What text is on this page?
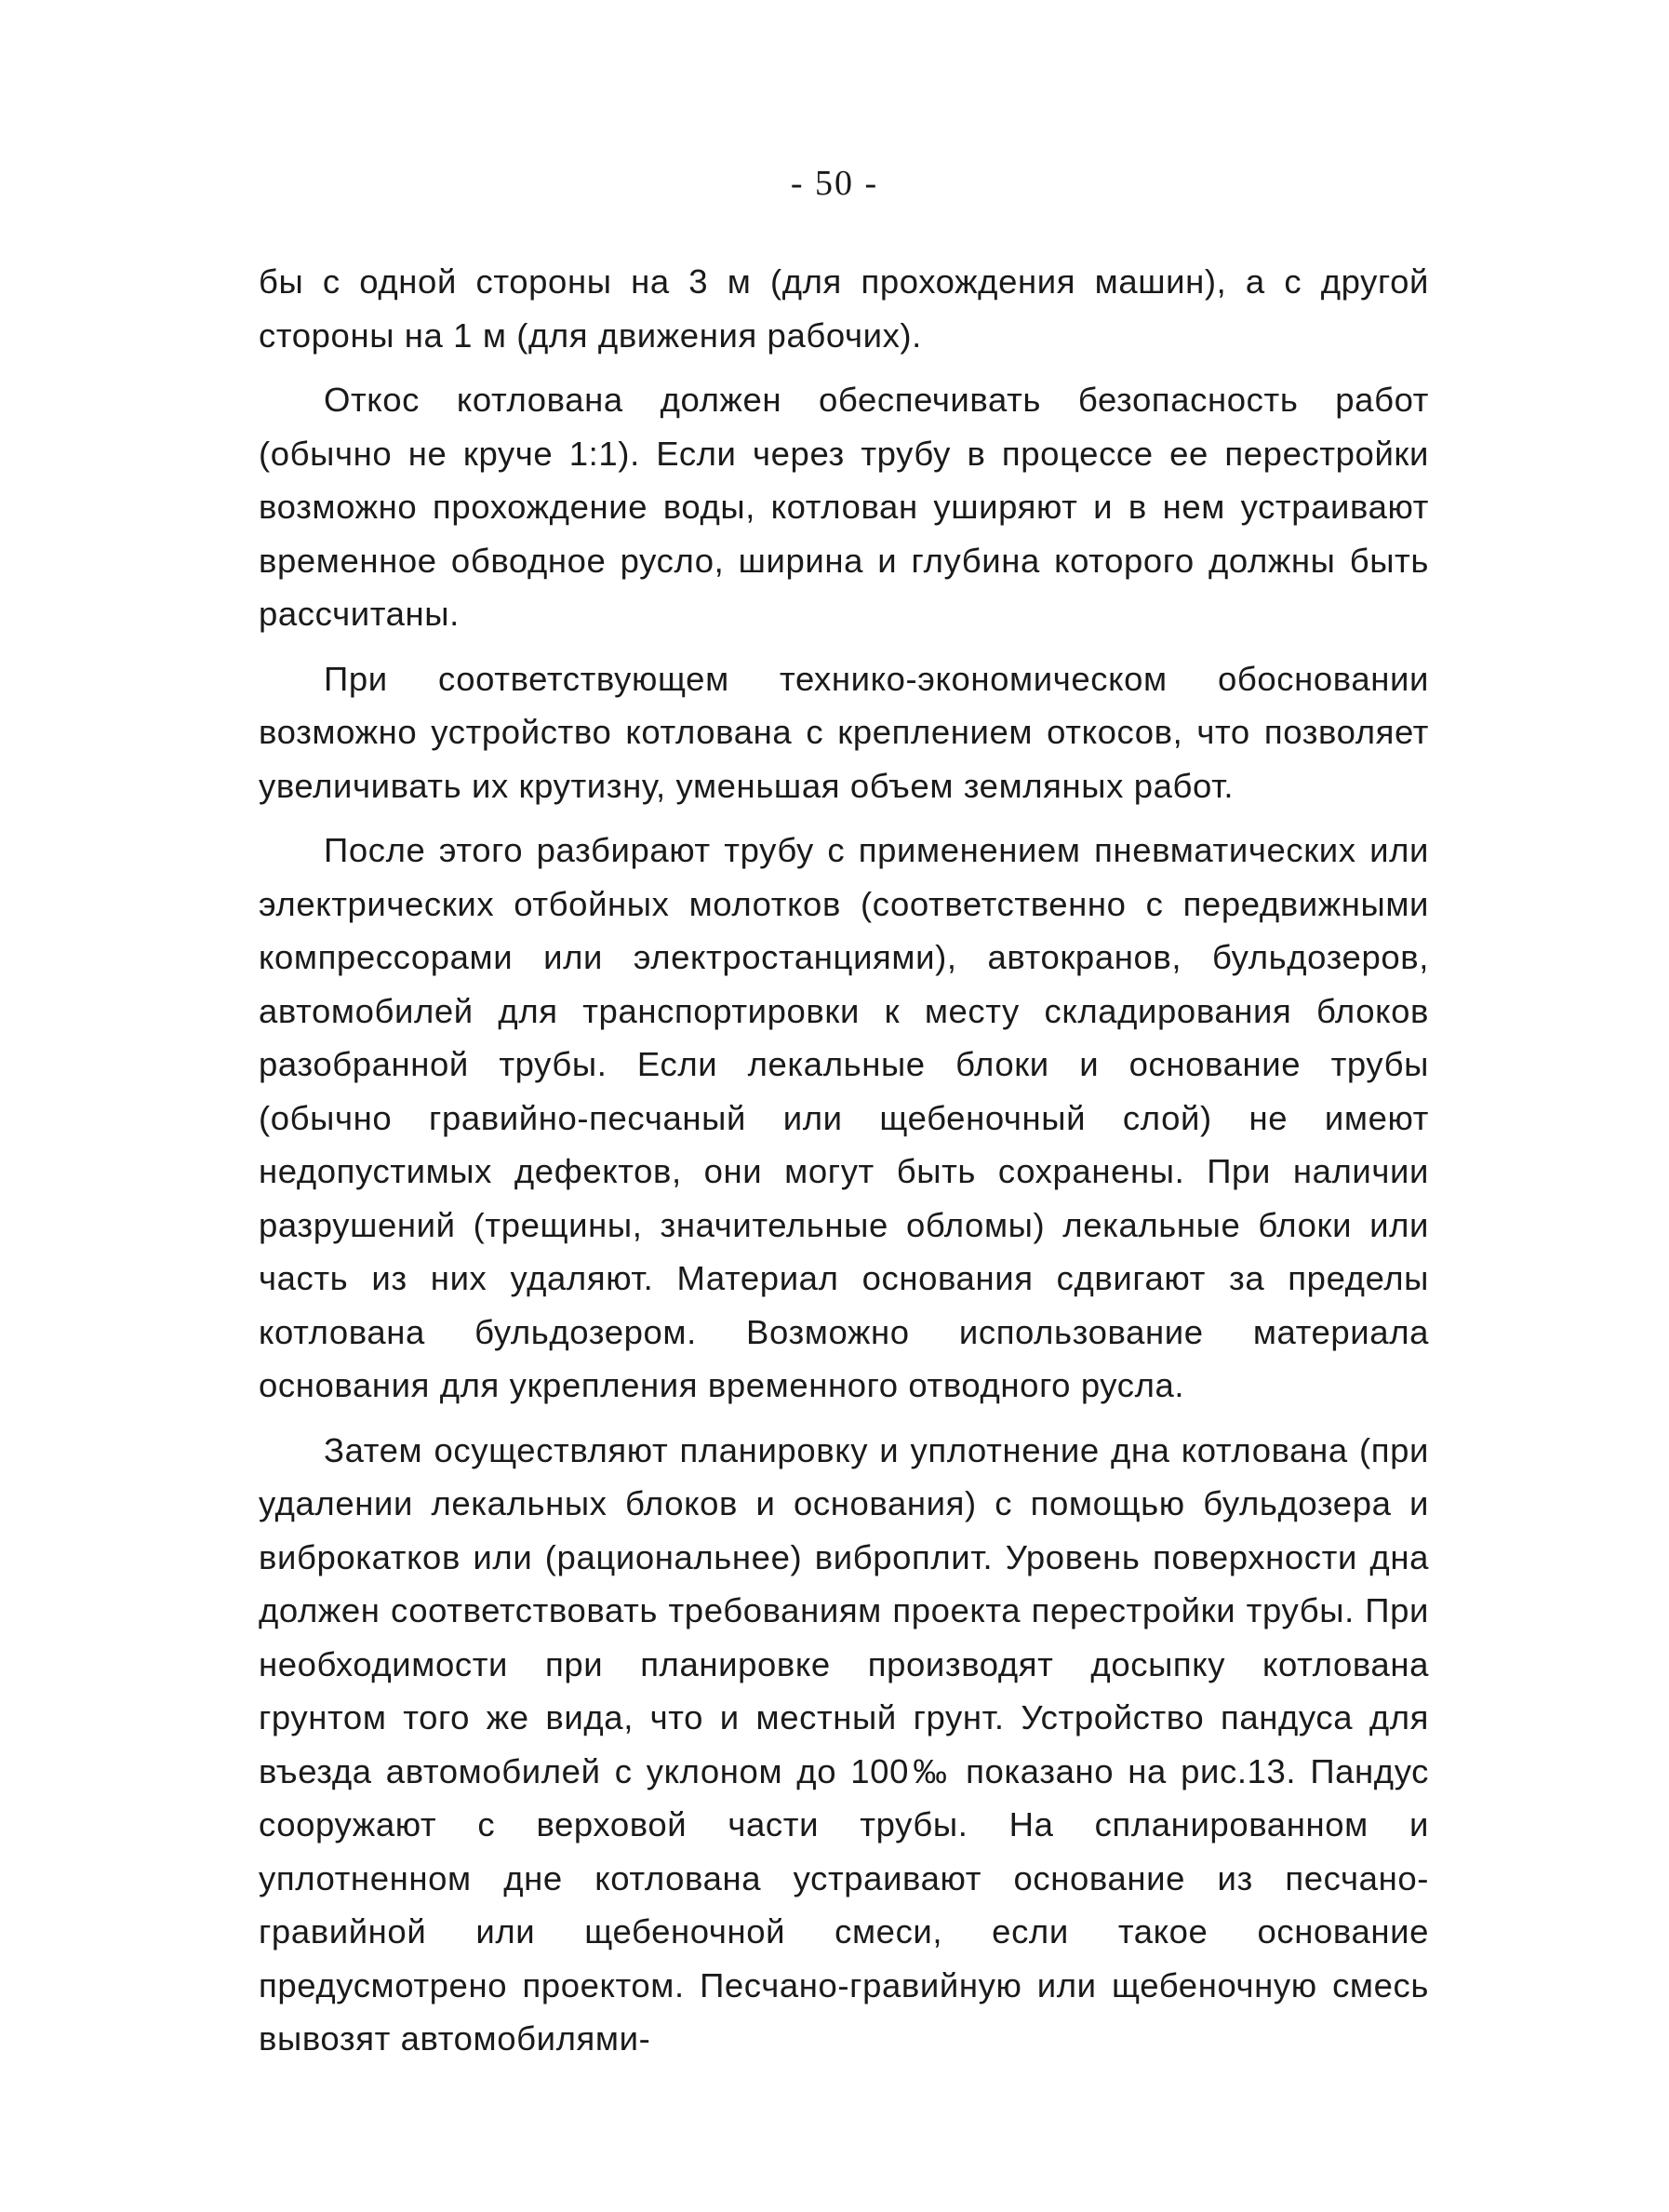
- 50 -

бы с одной стороны на 3 м (для прохождения машин), а с другой стороны на 1 м (для движения рабочих).

Откос котлована должен обеспечивать безопасность работ (обычно не круче 1:1). Если через трубу в процессе ее перестройки возможно прохождение воды, котлован уширяют и в нем устраивают временное обводное русло, ширина и глубина которого должны быть рассчитаны.

При соответствующем технико-экономическом обосновании возможно устройство котлована с креплением откосов, что позволяет увеличивать их крутизну, уменьшая объем земляных работ.

После этого разбирают трубу с применением пневматических или электрических отбойных молотков (соответственно с передвижными компрессорами или электростанциями), автокранов, бульдозеров, автомобилей для транспортировки к месту складирования блоков разобранной трубы. Если лекальные блоки и основание трубы (обычно гравийно-песчаный или щебеночный слой) не имеют недопустимых дефектов, они могут быть сохранены. При наличии разрушений (трещины, значительные обломы) лекальные блоки или часть из них удаляют. Материал основания сдвигают за пределы котлована бульдозером. Возможно использование материала основания для укрепления временного отводного русла.

Затем осуществляют планировку и уплотнение дна котлована (при удалении лекальных блоков и основания) с помощью бульдозера и виброкатков или (рациональнее) виброплит. Уровень поверхности дна должен соответствовать требованиям проекта перестройки трубы. При необходимости при планировке производят досыпку котлована грунтом того же вида, что и местный грунт. Устройство пандуса для въезда автомобилей с уклоном до 100‰ показано на рис.13. Пандус сооружают с верховой части трубы. На спланированном и уплотненном дне котлована устраивают основание из песчано-гравийной или щебеночной смеси, если такое основание предусмотрено проектом. Песчано-гравийную или щебеночную смесь вывозят автомобилями-
